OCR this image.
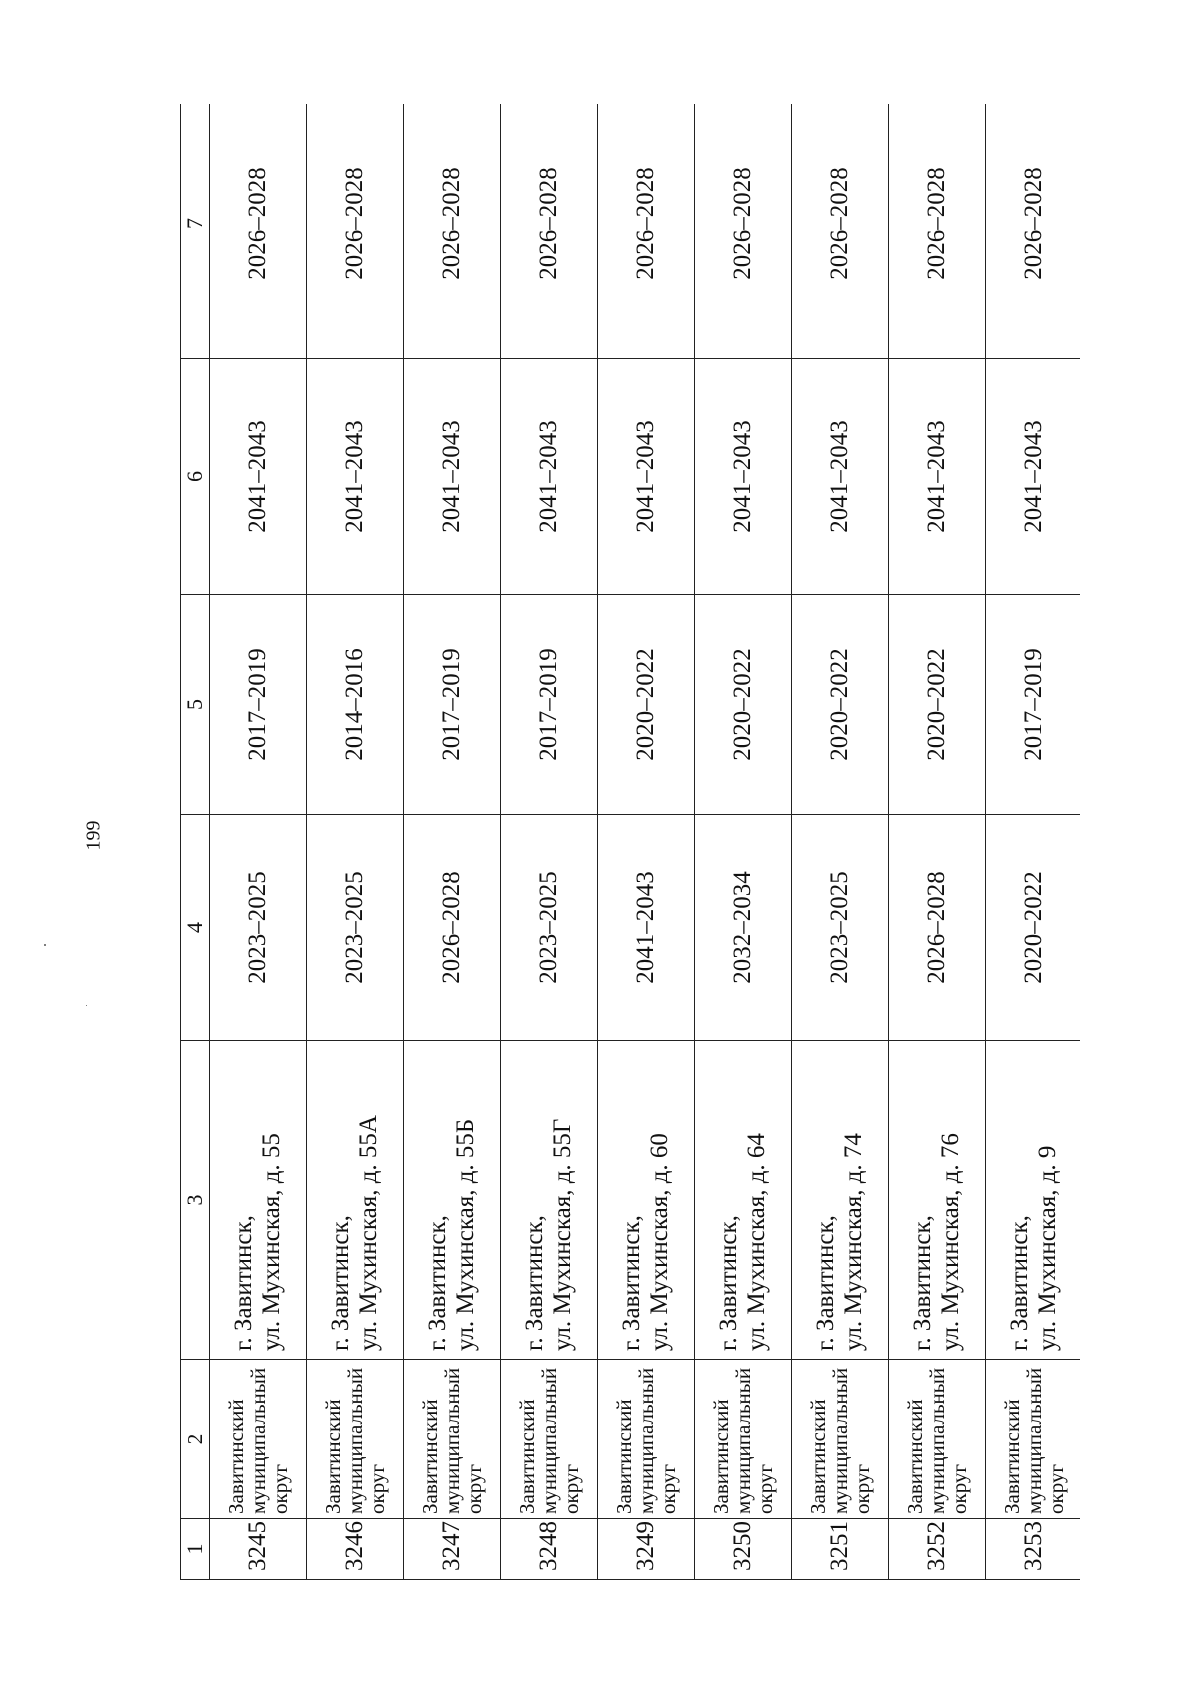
199
1	2	3	4	5	6	7
3245	Завитинский
муниципальный
округ	г. Завитинск, ул. Мухинская, д. 55	2023–2025	2017–2019	2041–2043	2026–2028
3246	Завитинский
муниципальный
округ	г. Завитинск, ул. Мухинская, д. 55А	2023–2025	2014–2016	2041–2043	2026–2028
3247	Завитинский
муниципальный
округ	г. Завитинск, ул. Мухинская, д. 55Б	2026–2028	2017–2019	2041–2043	2026–2028
3248	Завитинский
муниципальный
округ	г. Завитинск, ул. Мухинская, д. 55Г	2023–2025	2017–2019	2041–2043	2026–2028
3249	Завитинский
муниципальный
округ	г. Завитинск, ул. Мухинская, д. 60	2041–2043	2020–2022	2041–2043	2026–2028
3250	Завитинский
муниципальный
округ	г. Завитинск, ул. Мухинская, д. 64	2032–2034	2020–2022	2041–2043	2026–2028
3251	Завитинский
муниципальный
округ	г. Завитинск, ул. Мухинская, д. 74	2023–2025	2020–2022	2041–2043	2026–2028
3252	Завитинский
муниципальный
округ	г. Завитинск, ул. Мухинская, д. 76	2026–2028	2020–2022	2041–2043	2026–2028
3253	Завитинский
муниципальный
округ	г. Завитинск, ул. Мухинская, д. 9	2020–2022	2017–2019	2041–2043	2026–2028
